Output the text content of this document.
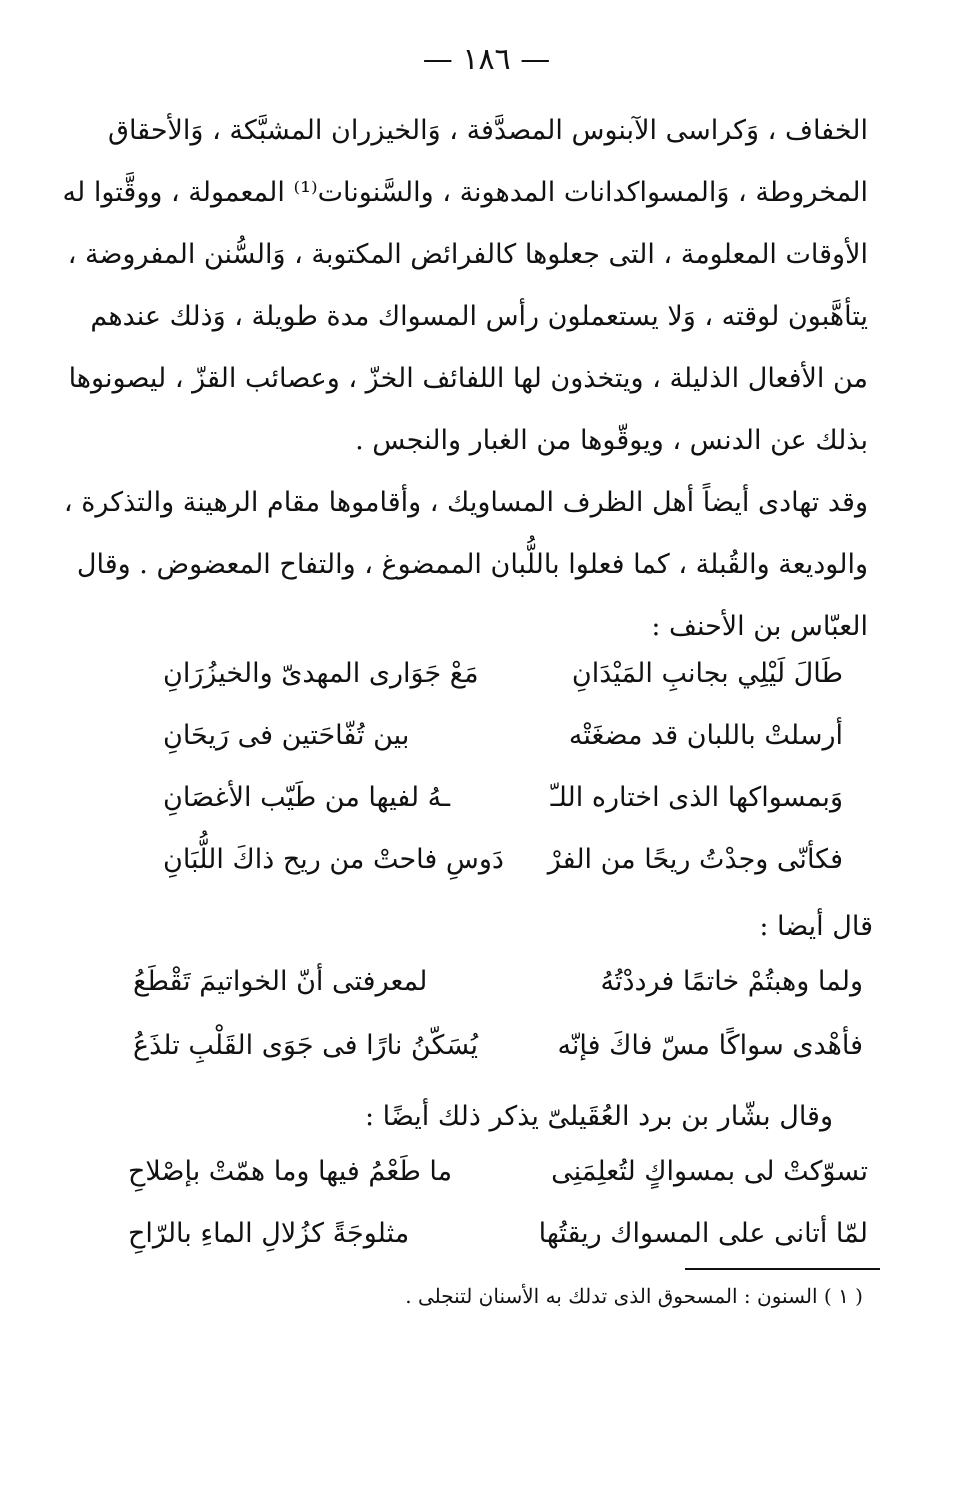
— ١٨٦ —
الخفاف ، وَكراسى الآبنوس المصدَّفة ، وَالخيزران المشبَّكة ، وَالأحقاق
المخروطة ، وَالمسواكدانات المدهونة ، والسَّنونات⁽¹⁾ المعمولة ، ووقَّتوا له
الأوقات المعلومة ، التى جعلوها كالفرائض المكتوبة ، وَالسُّنن المفروضة ،
يتأهَّبون لوقته ، وَلا يستعملون رأس المسواك مدة طويلة ، وَذلك عندهم
من الأفعال الذليلة ، ويتخذون لها اللفائف الخزّ ، وعصائب القزّ ، ليصونوها
بذلك عن الدنس ، ويوقّوها من الغبار والنجس .
وقد تهادى أيضاً أهل الظرف المساويك ، وأقاموها مقام الرهينة والتذكرة ،
والوديعة والقُبلة ، كما فعلوا باللُّبان الممضوغ ، والتفاح المعضوض . وقال
العبّاس بن الأحنف :
طَالَ لَيْلِي بجانبِ المَيْدَانِ
مَعْ جَوَارى المهدىّ والخيزُرَانِ
أرسلتْ باللبان قد مضغَتْه
بين تُفّاحَتين فى رَيحَانِ
وَبمسواكها الذى اختاره اللـّ
ـهُ لفيها من طَيّب الأغصَانِ
فكأنّى وجدْتُ ريحًا من الفرْ
دَوسِ فاحتْ من ريح ذاكَ اللُّبَانِ
قال أيضا :
ولما وهبتُمْ خاتمًا فرددْتُهُ
لمعرفتى أنّ الخواتيمَ تَقْطَعُ
فأهْدى سواكًا مسّ فاكَ فإنّه
يُسَكّنُ نارًا فى جَوَى القَلْبِ تلذَعُ
وقال بشّار بن برد العُقَيلىّ يذكر ذلك أيضًا :
تسوّكتْ لى بمسواكٍ لتُعلِمَنِى
ما طَعْمُ فيها وما همّتْ بإصْلاحِ
لمّا أتانى على المسواك ريقتُها
مثلوجَةً كزُلالِ الماءِ بالرّاحِ
( ١ ) السنون : المسحوق الذى تدلك به الأسنان لتنجلى .
